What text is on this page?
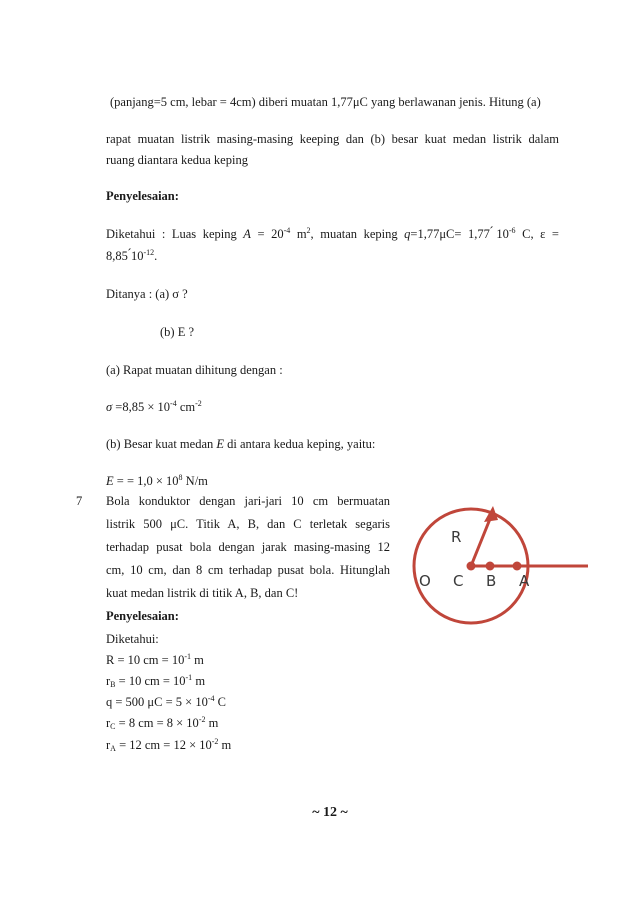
(panjang=5 cm, lebar = 4cm) diberi muatan 1,77μC yang berlawanan jenis. Hitung (a)
rapat muatan listrik masing-masing keeping dan (b) besar kuat medan listrik dalam
ruang diantara kedua keping
Penyelesaian:
Diketahui : Luas keping $A = 20^{-4}$ $m^2$, muatan keping q=1,77μC= 1,77 $́10^{-6}$ C, ε =
8,85 $́10^{-12}$.
Ditanya : (a) σ ?
(b) E ?
(a) Rapat muatan dihitung dengan :
$\sigma =8,85 \times 10^{-4}$ $cm^{-2}$
(b) Besar kuat medan E di antara kedua keping, yaitu:
E = = $1,0 \times 10^8$ N/m
7 Bola konduktor dengan jari-jari 10 cm bermuatan
listrik 500 μC. Titik A, B, dan C terletak segaris
terhadap pusat bola dengan jarak masing-masing 12
cm, 10 cm, dan 8 cm terhadap pusat bola. Hitunglah
kuat medan listrik di titik A, B, dan C!
Penyelesaian:
Diketahui:
R = 10 cm = $10^{-1}$ m
$r_B = 10$ cm = $10^{-1}$ m
q = 500 $\mu C = 5 \times 10^{-4}$ C
$r_C = 8$ cm = $8 \times 10^{-2}$ m
$r_A = 12$ cm = $12 \times 10^{-2}$ m
R
O C B A
~ 12 ~
